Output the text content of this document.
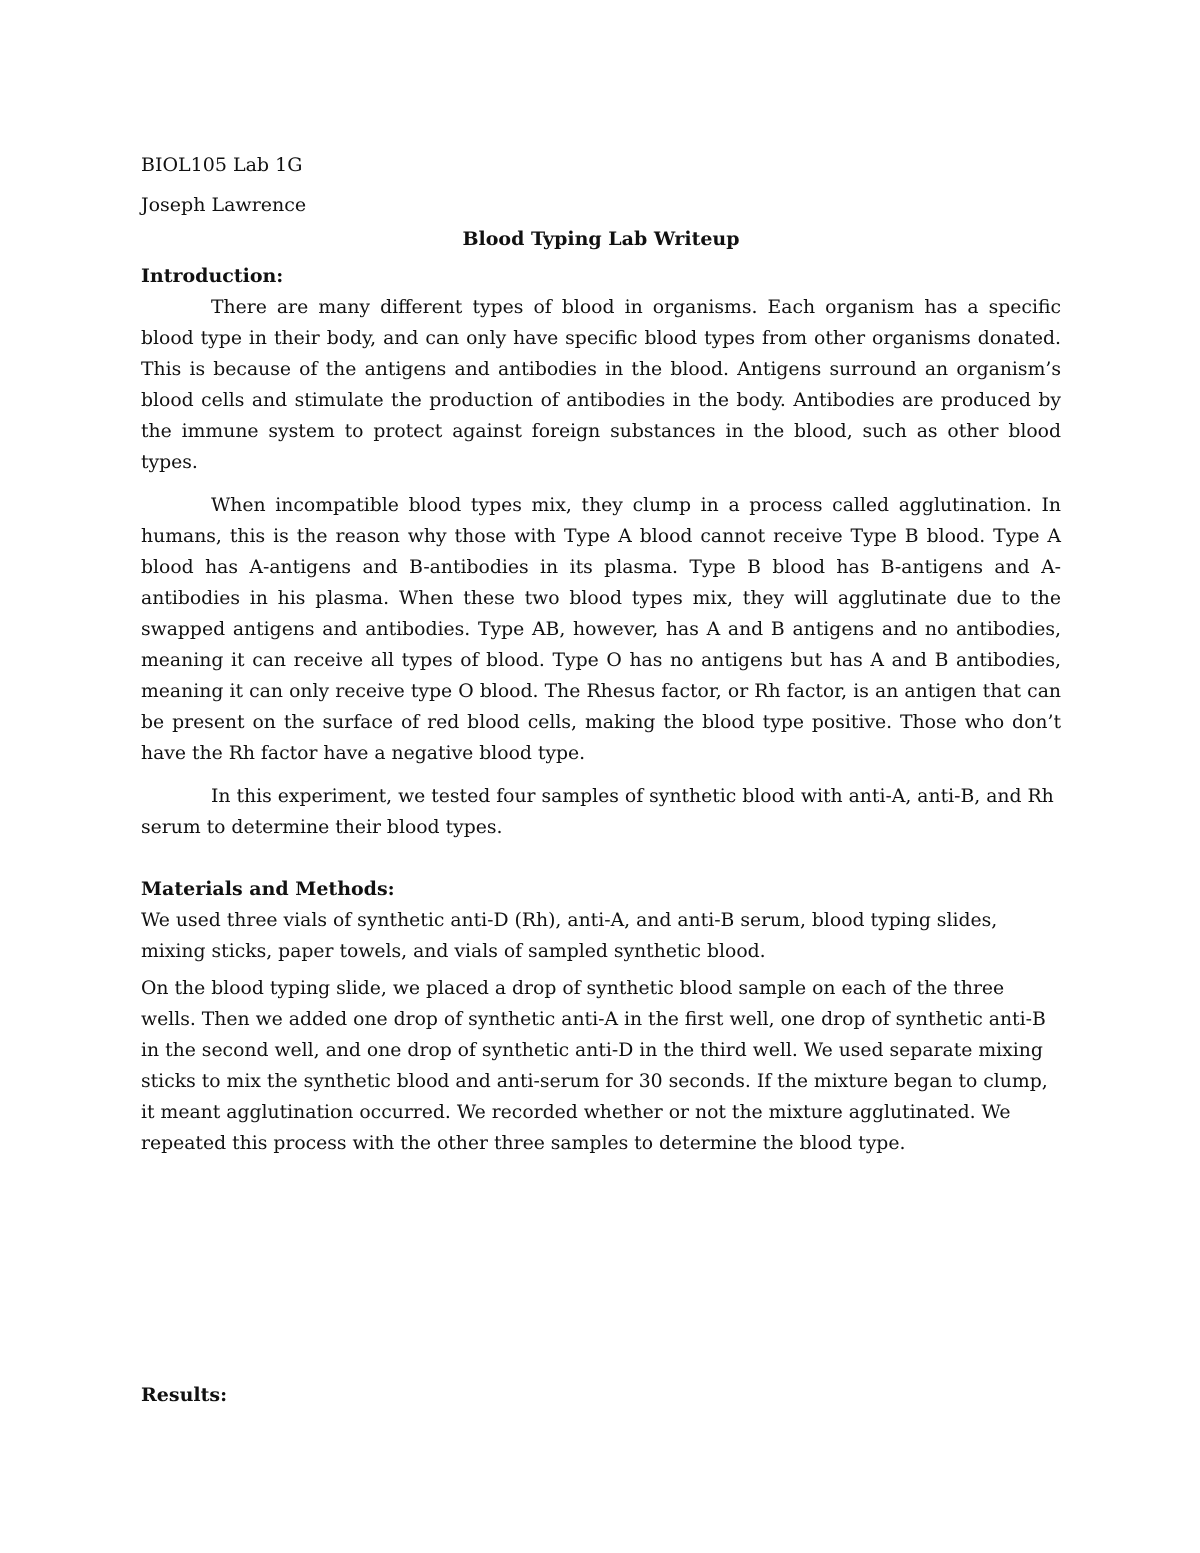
BIOL105 Lab 1G

Joseph Lawrence

Blood Typing Lab Writeup

Introduction:

There are many different types of blood in organisms. Each organism has a specific blood type in their body, and can only have specific blood types from other organisms donated. This is because of the antigens and antibodies in the blood. Antigens surround an organism’s blood cells and stimulate the production of antibodies in the body. Antibodies are produced by the immune system to protect against foreign substances in the blood, such as other blood types.

When incompatible blood types mix, they clump in a process called agglutination. In humans, this is the reason why those with Type A blood cannot receive Type B blood. Type A blood has A-antigens and B-antibodies in its plasma. Type B blood has B-antigens and A-antibodies in his plasma. When these two blood types mix, they will agglutinate due to the swapped antigens and antibodies. Type AB, however, has A and B antigens and no antibodies, meaning it can receive all types of blood. Type O has no antigens but has A and B antibodies, meaning it can only receive type O blood. The Rhesus factor, or Rh factor, is an antigen that can be present on the surface of red blood cells, making the blood type positive. Those who don’t have the Rh factor have a negative blood type.

In this experiment, we tested four samples of synthetic blood with anti-A, anti-B, and Rh serum to determine their blood types.

Materials and Methods:

We used three vials of synthetic anti-D (Rh), anti-A, and anti-B serum, blood typing slides, mixing sticks, paper towels, and vials of sampled synthetic blood.

On the blood typing slide, we placed a drop of synthetic blood sample on each of the three wells. Then we added one drop of synthetic anti-A in the first well, one drop of synthetic anti-B in the second well, and one drop of synthetic anti-D in the third well. We used separate mixing sticks to mix the synthetic blood and anti-serum for 30 seconds. If the mixture began to clump, it meant agglutination occurred. We recorded whether or not the mixture agglutinated. We repeated this process with the other three samples to determine the blood type.

Results:
